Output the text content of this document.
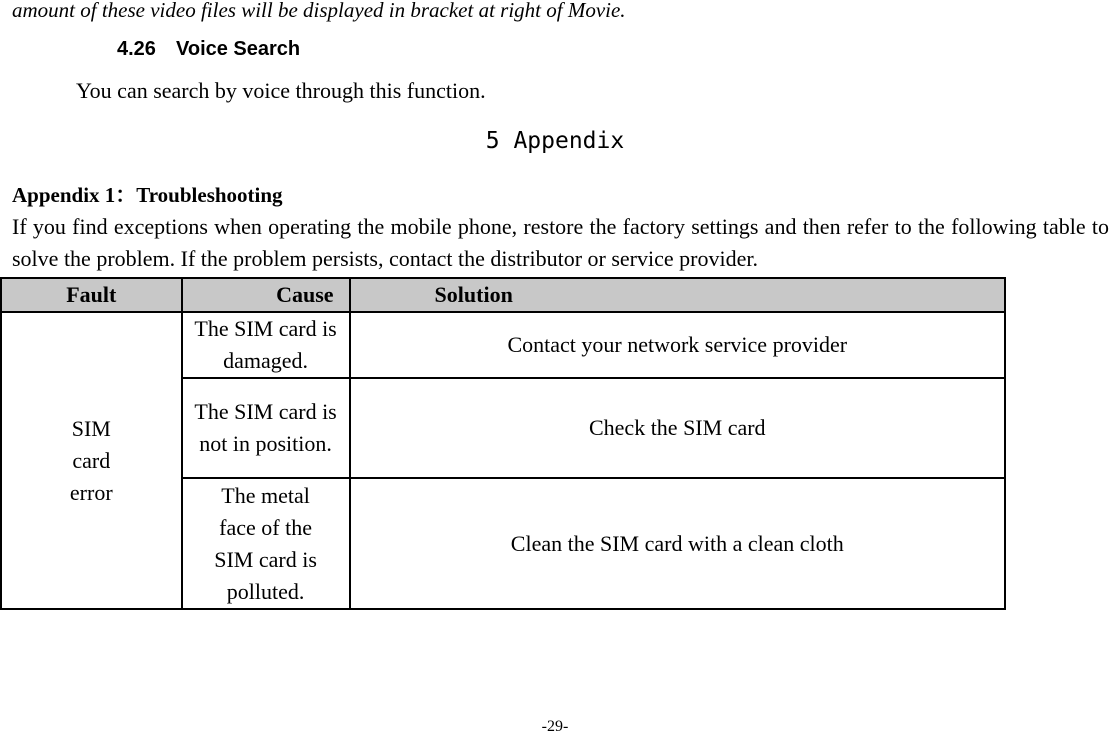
amount of these video files will be displayed in bracket at right of Movie.
4.26 Voice Search
You can search by voice through this function.
5 Appendix
Appendix 1：Troubleshooting
If you find exceptions when operating the mobile phone, restore the factory settings and then refer to the following table to solve the problem. If the problem persists, contact the distributor or service provider.
Fault	Cause	Solution

SIM card error	The SIM card is damaged.	Contact your network service provider

	The SIM card is not in position.	Check the SIM card

	The metal face of the SIM card is polluted.	Clean the SIM card with a clean cloth
-29-
